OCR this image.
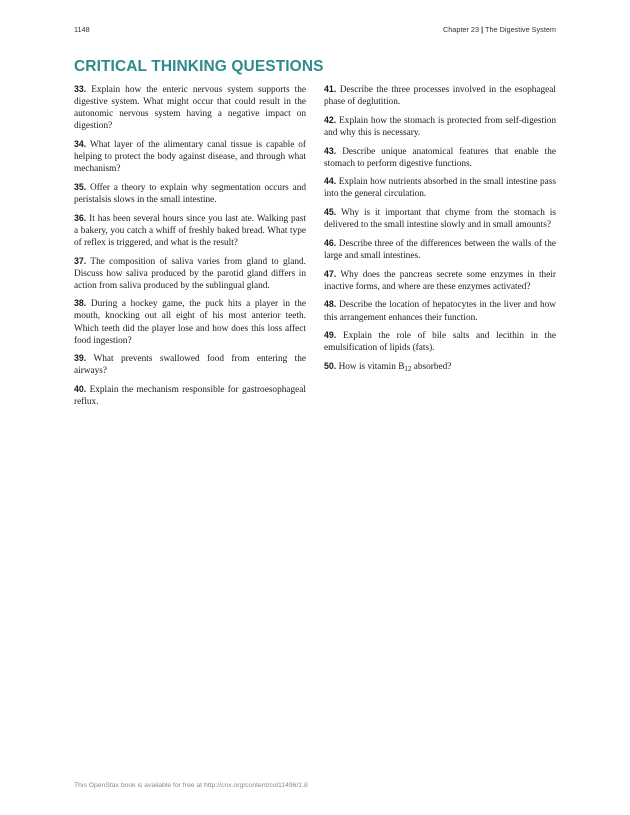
1148	Chapter 23 | The Digestive System
CRITICAL THINKING QUESTIONS

33. Explain how the enteric nervous system supports the digestive system. What might occur that could result in the autonomic nervous system having a negative impact on digestion?

34. What layer of the alimentary canal tissue is capable of helping to protect the body against disease, and through what mechanism?

35. Offer a theory to explain why segmentation occurs and peristalsis slows in the small intestine.

36. It has been several hours since you last ate. Walking past a bakery, you catch a whiff of freshly baked bread. What type of reflex is triggered, and what is the result?

37. The composition of saliva varies from gland to gland. Discuss how saliva produced by the parotid gland differs in action from saliva produced by the sublingual gland.

38. During a hockey game, the puck hits a player in the mouth, knocking out all eight of his most anterior teeth. Which teeth did the player lose and how does this loss affect food ingestion?

39. What prevents swallowed food from entering the airways?

40. Explain the mechanism responsible for gastroesophageal reflux.

41. Describe the three processes involved in the esophageal phase of deglutition.

42. Explain how the stomach is protected from self-digestion and why this is necessary.

43. Describe unique anatomical features that enable the stomach to perform digestive functions.

44. Explain how nutrients absorbed in the small intestine pass into the general circulation.

45. Why is it important that chyme from the stomach is delivered to the small intestine slowly and in small amounts?

46. Describe three of the differences between the walls of the large and small intestines.

47. Why does the pancreas secrete some enzymes in their inactive forms, and where are these enzymes activated?

48. Describe the location of hepatocytes in the liver and how this arrangement enhances their function.

49. Explain the role of bile salts and lecithin in the emulsification of lipids (fats).

50. How is vitamin $B_{12}$ absorbed?

This OpenStax book is available for free at http://cnx.org/content/col11496/1.8
